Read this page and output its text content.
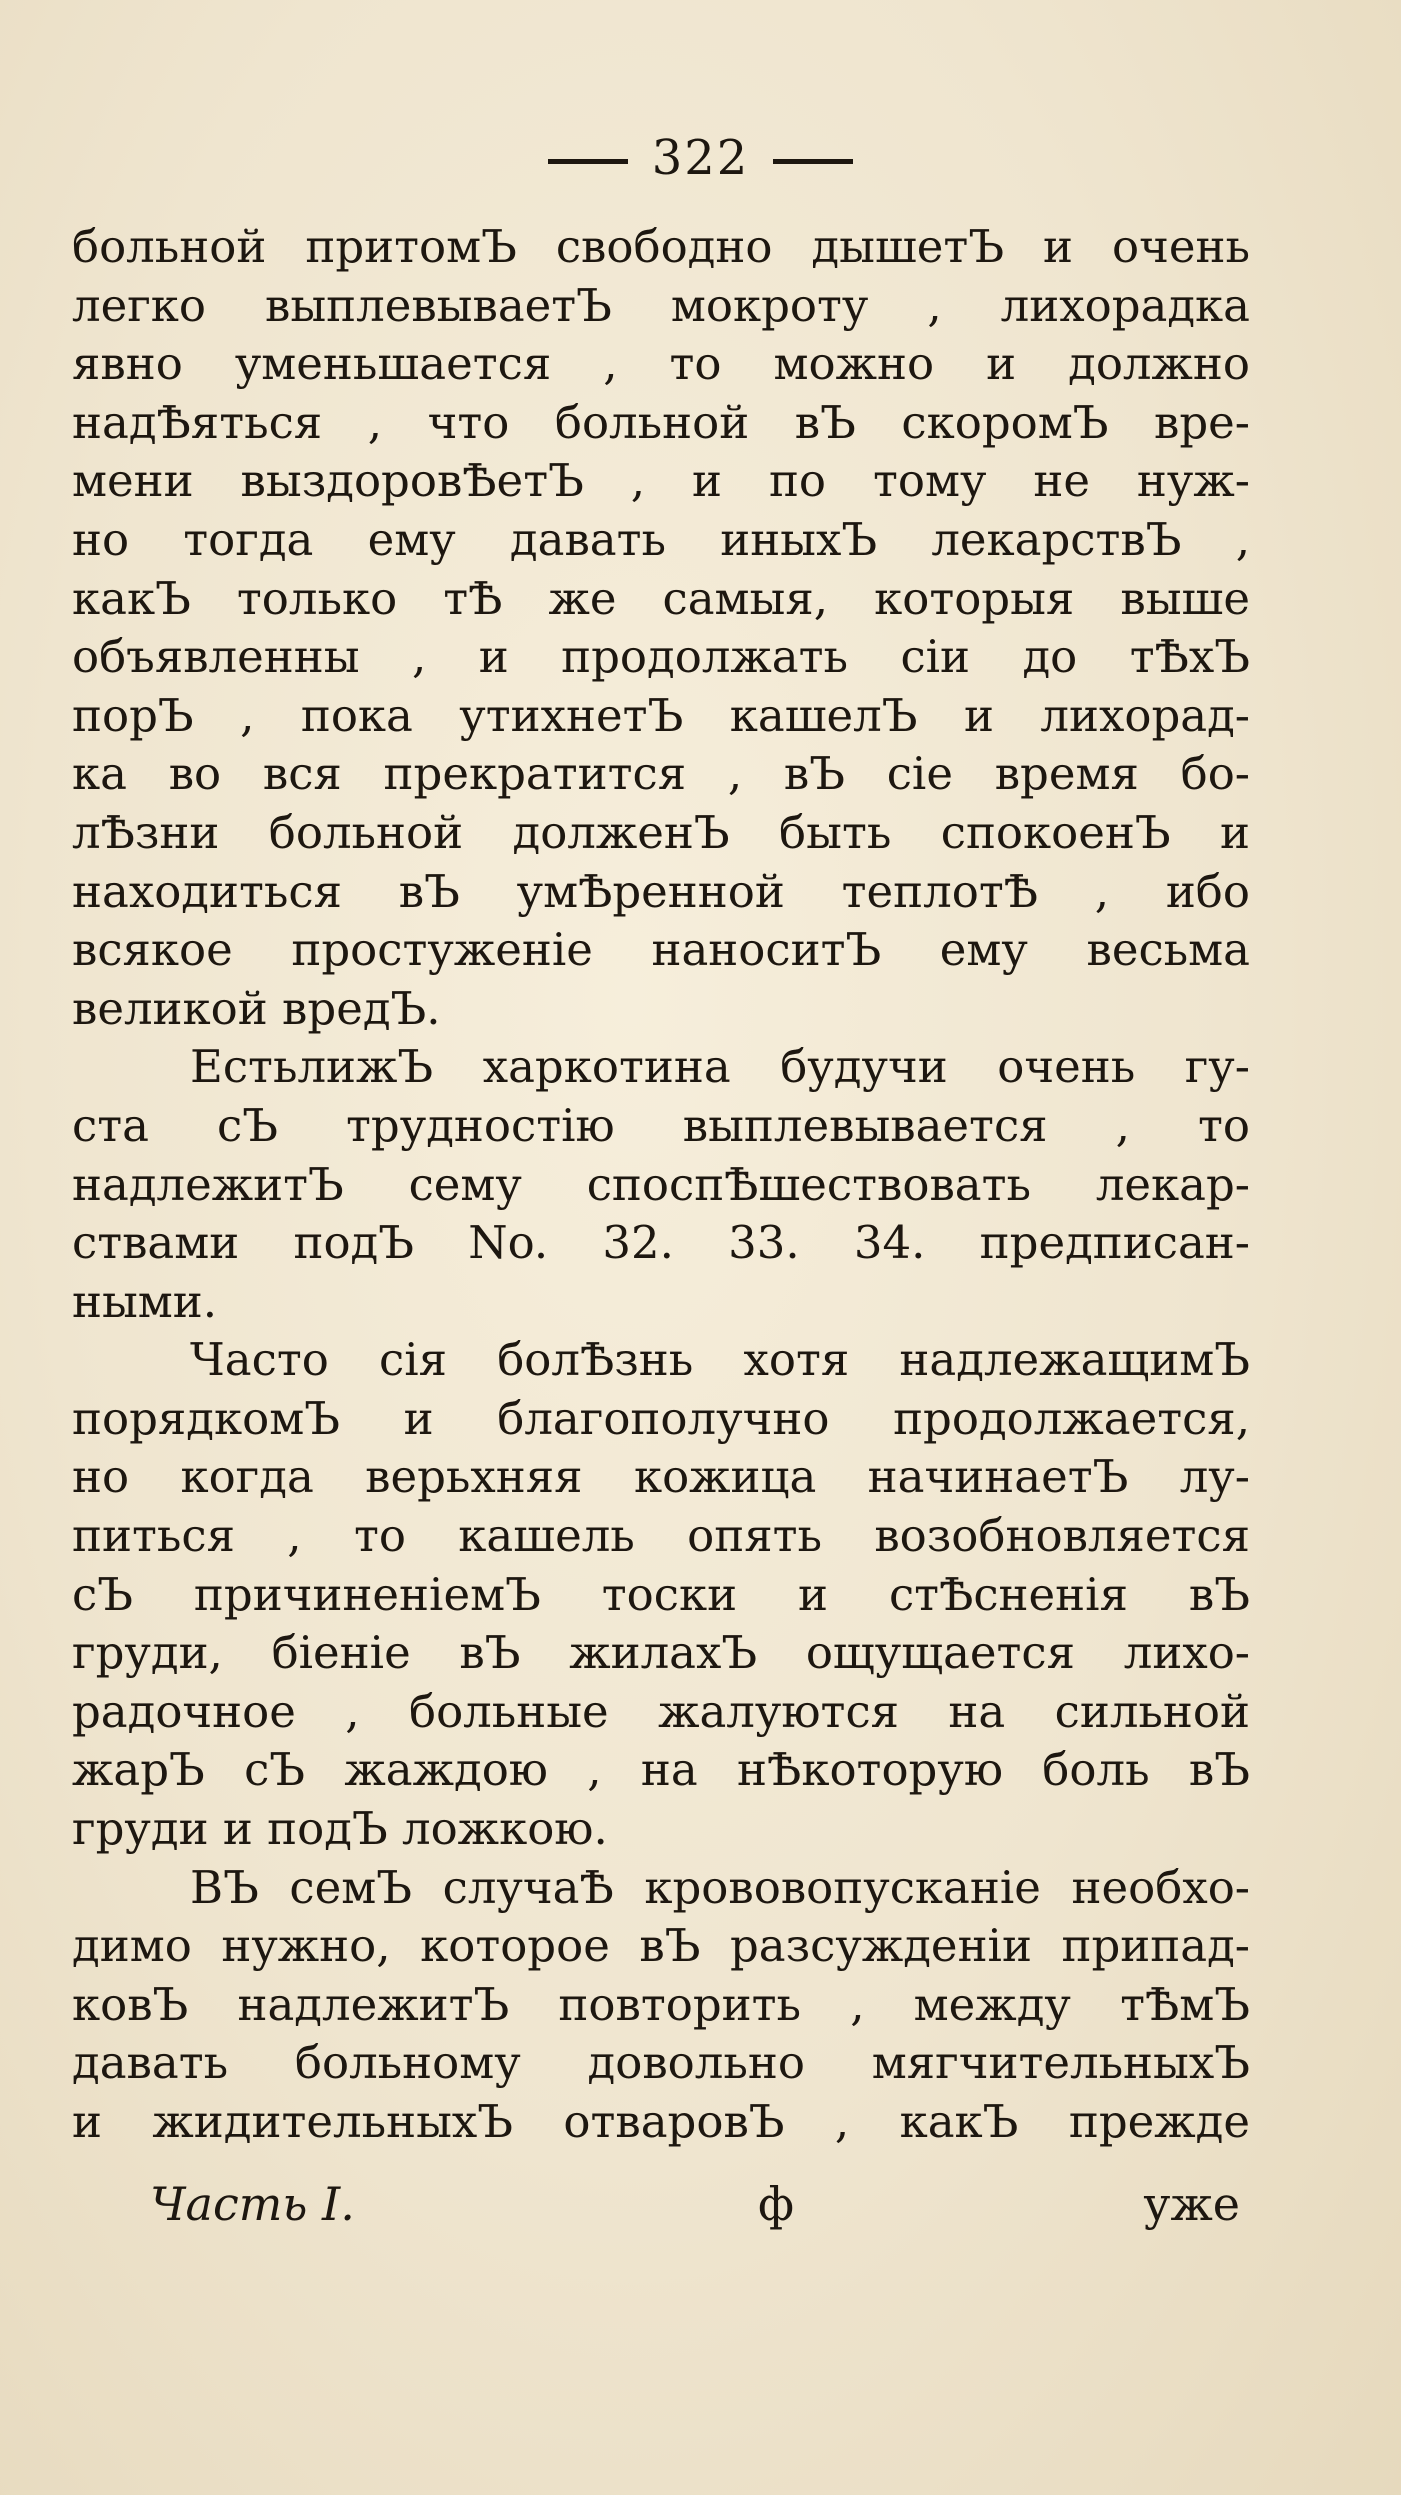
322
больной притомЪ свободно дышетЪ и очень
легко выплевываетЪ мокроту , лихорадка
явно уменьшается , то можно и должно
надѢяться , что больной вЪ скоромЪ вре-
мени выздоровѢетЪ , и по тому не нуж-
но тогда ему давать иныхЪ лекарствЪ ,
какЪ только тѢ же самыя, которыя выше
объявленны , и продолжать сіи до тѢхЪ
порЪ , пока утихнетЪ кашелЪ и лихорад-
ка во вся прекратится , вЪ сіе время бо-
лѢзни больной долженЪ быть спокоенЪ и
находиться вЪ умѢренной теплотѢ , ибо
всякое простуженіе наноситЪ ему весьма
великой вредЪ.
ЕстьлижЪ харкотина будучи очень гу-
ста сЪ трудностію выплевывается , то
надлежитЪ сему споспѢшествовать лекар-
ствами подЪ No. 32. 33. 34. предписан-
ными.
Часто сія болѢзнь хотя надлежащимЪ
порядкомЪ и благополучно продолжается,
но когда верьхняя кожица начинаетЪ лу-
питься , то кашель опять возобновляется
сЪ причиненіемЪ тоски и стѢсненія вЪ
груди, біеніе вЪ жилахЪ ощущается лихо-
радочное , больные жалуются на сильной
жарЪ сЪ жаждою , на нѢкоторую боль вЪ
груди и подЪ ложкою.
ВЪ семЪ случаѢ крововопусканіе необхо-
димо нужно, которое вЪ разсужденіи припад-
ковЪ надлежитЪ повторить , между тѢмЪ
давать больному довольно мягчительныхЪ
и жидительныхЪ отваровЪ , какЪ прежде
Часть I.	ф	уже
